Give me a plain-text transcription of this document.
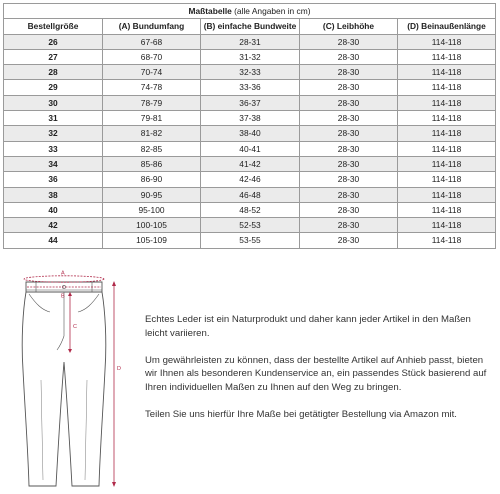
Maßtabelle (alle Angaben in cm)				
Bestellgröße	(A) Bundumfang	(B) einfache Bundweite	(C) Leibhöhe	(D) Beinaußenlänge
26	67-68	28-31	28-30	114-118
27	68-70	31-32	28-30	114-118
28	70-74	32-33	28-30	114-118
29	74-78	33-36	28-30	114-118
30	78-79	36-37	28-30	114-118
31	79-81	37-38	28-30	114-118
32	81-82	38-40	28-30	114-118
33	82-85	40-41	28-30	114-118
34	85-86	41-42	28-30	114-118
36	86-90	42-46	28-30	114-118
38	90-95	46-48	28-30	114-118
40	95-100	48-52	28-30	114-118
42	100-105	52-53	28-30	114-118
44	105-109	53-55	28-30	114-118
A
B
C
D

Echtes Leder ist ein Naturprodukt und daher kann jeder Artikel in den Maßen leicht variieren.

Um gewährleisten zu können, dass der bestellte Artikel auf Anhieb passt, bieten wir Ihnen als besonderen Kundenservice an, ein passendes Stück basierend auf Ihren individuellen Maßen zu Ihnen auf den Weg zu bringen.

Teilen Sie uns hierfür Ihre Maße bei getätigter Bestellung via Amazon mit.
